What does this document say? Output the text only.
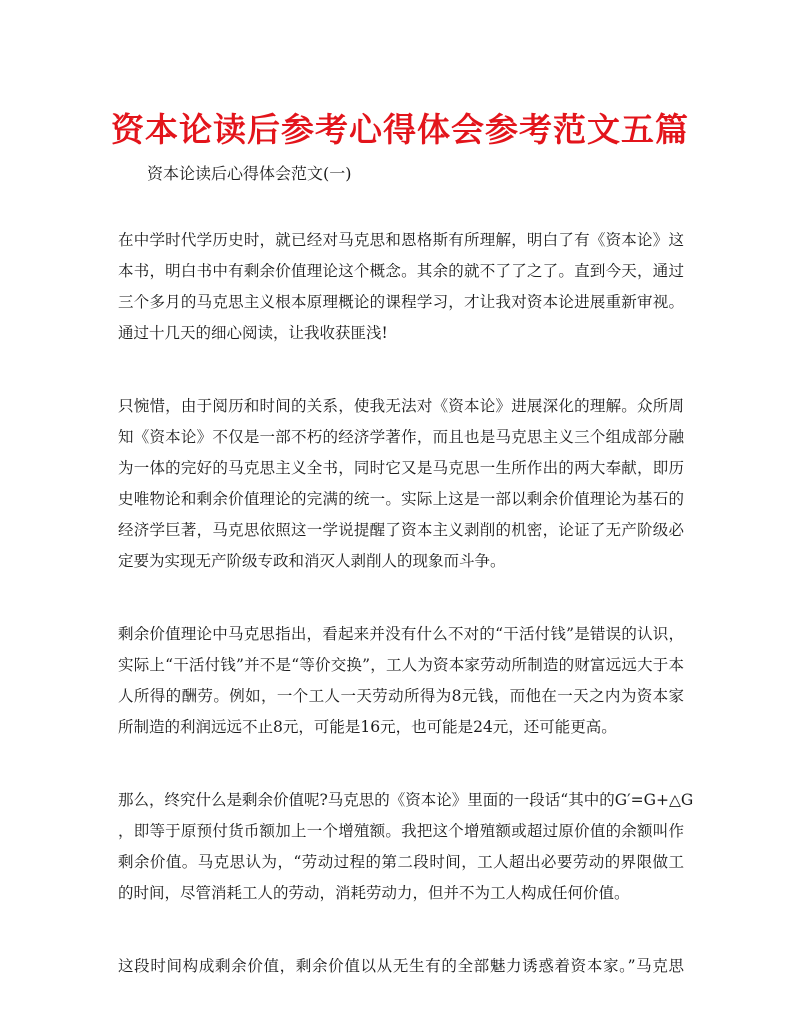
资本论读后参考心得体会参考范文五篇

资本论读后心得体会范文(一)

在中学时代学历史时，就已经对马克思和恩格斯有所理解，明白了有《资本论》这
本书，明白书中有剩余价值理论这个概念。其余的就不了了之了。直到今天，通过
三个多月的马克思主义根本原理概论的课程学习，才让我对资本论进展重新审视。
通过十几天的细心阅读，让我收获匪浅!
只惋惜，由于阅历和时间的关系，使我无法对《资本论》进展深化的理解。众所周
知《资本论》不仅是一部不朽的经济学著作，而且也是马克思主义三个组成部分融
为一体的完好的马克思主义全书，同时它又是马克思一生所作出的两大奉献，即历
史唯物论和剩余价值理论的完满的统一。实际上这是一部以剩余价值理论为基石的
经济学巨著，马克思依照这一学说提醒了资本主义剥削的机密，论证了无产阶级必
定要为实现无产阶级专政和消灭人剥削人的现象而斗争。
剩余价值理论中马克思指出，看起来并没有什么不对的“干活付钱”是错误的认识，
实际上“干活付钱”并不是“等价交换”，工人为资本家劳动所制造的财富远远大于本
人所得的酬劳。例如，一个工人一天劳动所得为8元钱，而他在一天之内为资本家
所制造的利润远远不止8元，可能是16元，也可能是24元，还可能更高。
那么，终究什么是剩余价值呢?马克思的《资本论》里面的一段话“其中的G′=G+△G
，即等于原预付货币额加上一个增殖额。我把这个增殖额或超过原价值的余额叫作
剩余价值。马克思认为，“劳动过程的第二段时间，工人超出必要劳动的界限做工
的时间，尽管消耗工人的劳动，消耗劳动力，但并不为工人构成任何价值。
这段时间构成剩余价值，剩余价值以从无生有的全部魅力诱惑着资本家。”马克思
